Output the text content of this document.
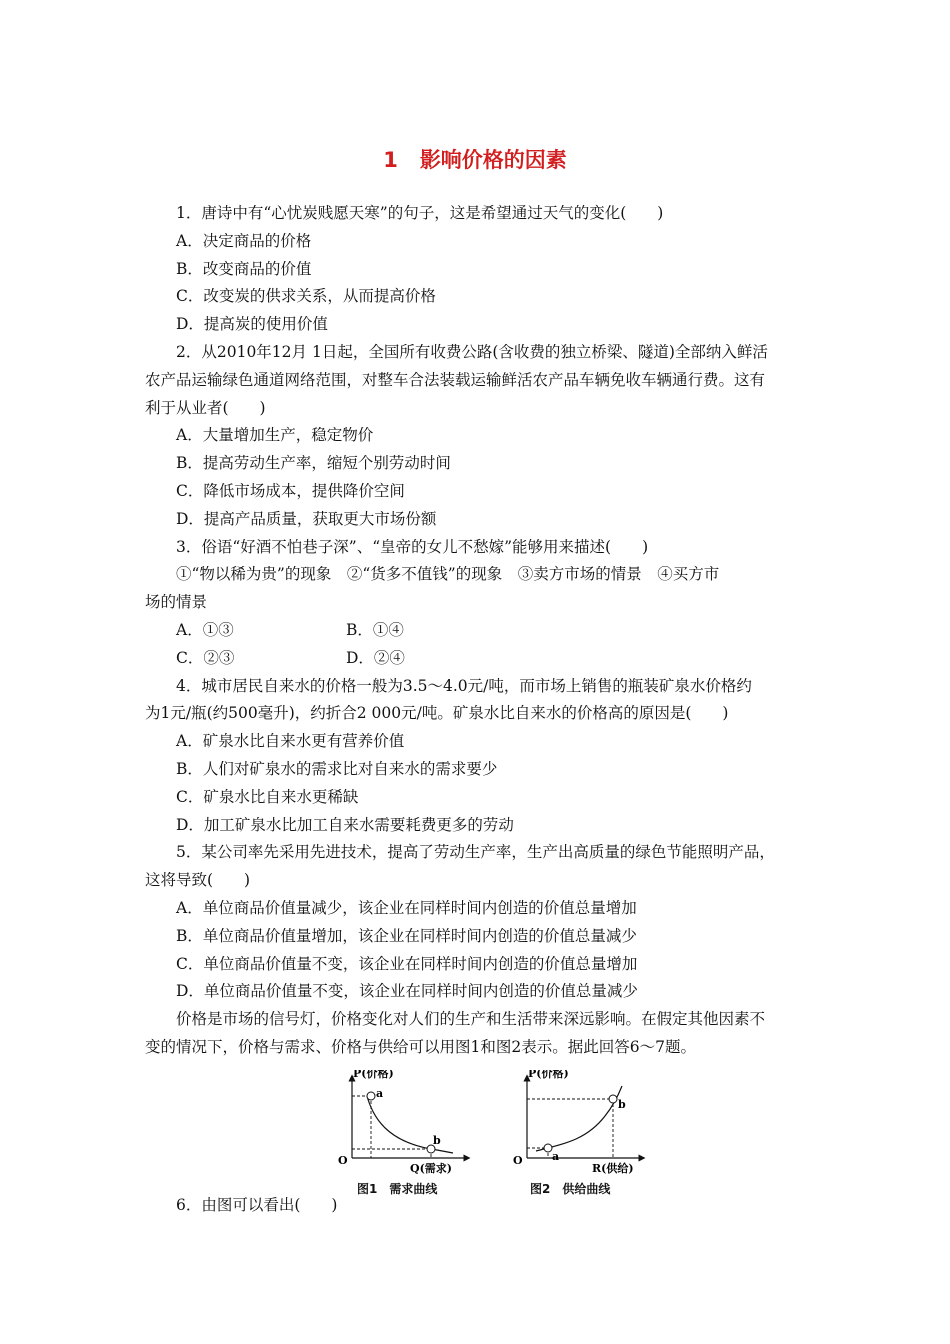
1 影响价格的因素

1．唐诗中有“心忧炭贱愿天寒”的句子，这是希望通过天气的变化(　　)

A．决定商品的价格

B．改变商品的价值

C．改变炭的供求关系，从而提高价格

D．提高炭的使用价值

2．从2010年12月 1日起，全国所有收费公路(含收费的独立桥梁、隧道)全部纳入鲜活

农产品运输绿色通道网络范围，对整车合法装载运输鲜活农产品车辆免收车辆通行费。这有

利于从业者(　　)

A．大量增加生产，稳定物价

B．提高劳动生产率，缩短个别劳动时间

C．降低市场成本，提供降价空间

D．提高产品质量，获取更大市场份额

3．俗语“好酒不怕巷子深”、“皇帝的女儿不愁嫁”能够用来描述(　　)

①“物以稀为贵”的现象　②“货多不值钱”的现象　③卖方市场的情景　④买方市

场的情景

A．①③	B．①④
C．②③	D．②④

4．城市居民自来水的价格一般为3.5～4.0元/吨，而市场上销售的瓶装矿泉水价格约

为1元/瓶(约500毫升)，约折合2 000元/吨。矿泉水比自来水的价格高的原因是(　　)

A．矿泉水比自来水更有营养价值

B．人们对矿泉水的需求比对自来水的需求要少

C．矿泉水比自来水更稀缺

D．加工矿泉水比加工自来水需要耗费更多的劳动

5．某公司率先采用先进技术，提高了劳动生产率，生产出高质量的绿色节能照明产品，

这将导致(　　)

A．单位商品价值量减少，该企业在同样时间内创造的价值总量增加

B．单位商品价值量增加，该企业在同样时间内创造的价值总量减少

C．单位商品价值量不变，该企业在同样时间内创造的价值总量增加

D．单位商品价值量不变，该企业在同样时间内创造的价值总量减少

价格是市场的信号灯，价格变化对人们的生产和生活带来深远影响。在假定其他因素不

变的情况下，价格与需求、价格与供给可以用图1和图2表示。据此回答6～7题。

P(价格)
a
b
O
Q(需求)
图1　需求曲线
P(价格)
a
b
O
R(供给)
图2　供给曲线

6．由图可以看出(　　)
